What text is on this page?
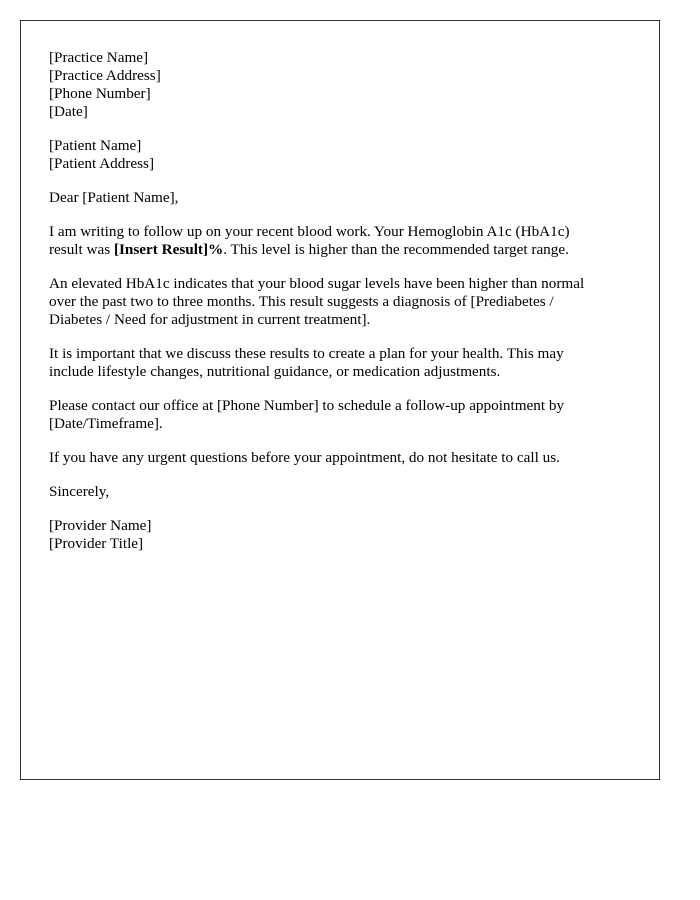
[Practice Name]
[Practice Address]
[Phone Number]
[Date]
[Patient Name]
[Patient Address]
Dear [Patient Name],
I am writing to follow up on your recent blood work. Your Hemoglobin A1c (HbA1c)
result was [Insert Result]%. This level is higher than the recommended target range.
An elevated HbA1c indicates that your blood sugar levels have been higher than normal
over the past two to three months. This result suggests a diagnosis of [Prediabetes /
Diabetes / Need for adjustment in current treatment].
It is important that we discuss these results to create a plan for your health. This may
include lifestyle changes, nutritional guidance, or medication adjustments.
Please contact our office at [Phone Number] to schedule a follow-up appointment by
[Date/Timeframe].
If you have any urgent questions before your appointment, do not hesitate to call us.
Sincerely,
[Provider Name]
[Provider Title]
